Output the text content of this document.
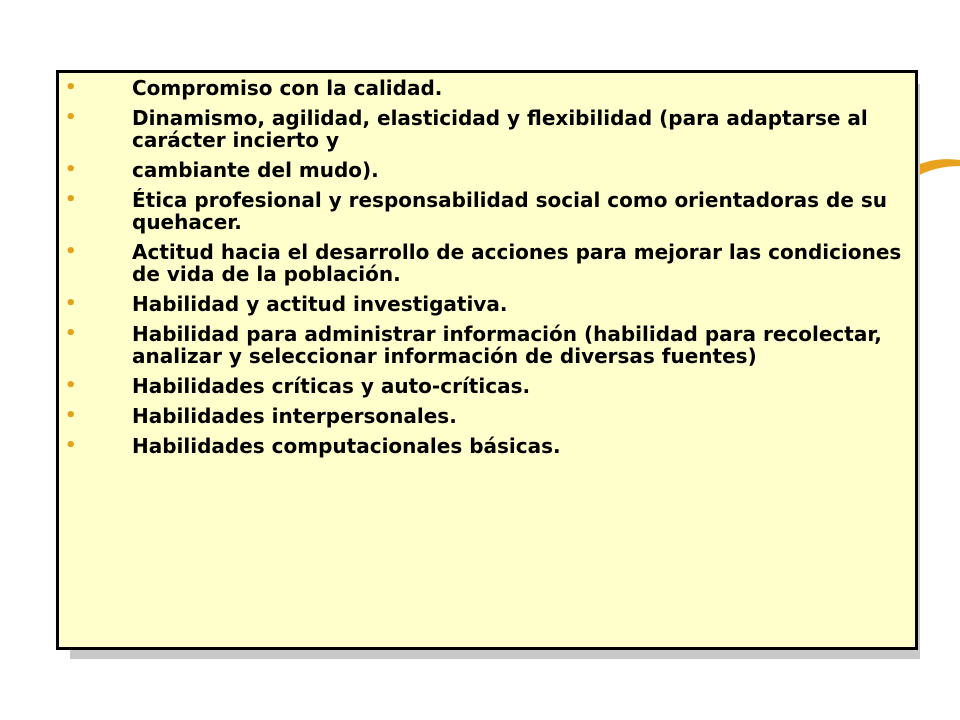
•	Compromiso con la calidad.
•	Dinamismo, agilidad, elasticidad y flexibilidad (para adaptarse al carácter incierto y
•	cambiante del mudo).
•	Ética profesional y responsabilidad social como orientadoras de su quehacer.
•	Actitud hacia el desarrollo de acciones para mejorar las condiciones de vida de la población.
•	Habilidad y actitud investigativa.
•	Habilidad para administrar información (habilidad para recolectar, analizar y seleccionar información de diversas fuentes)
•	Habilidades críticas y auto-críticas.
•	Habilidades interpersonales.
•	Habilidades computacionales básicas.
